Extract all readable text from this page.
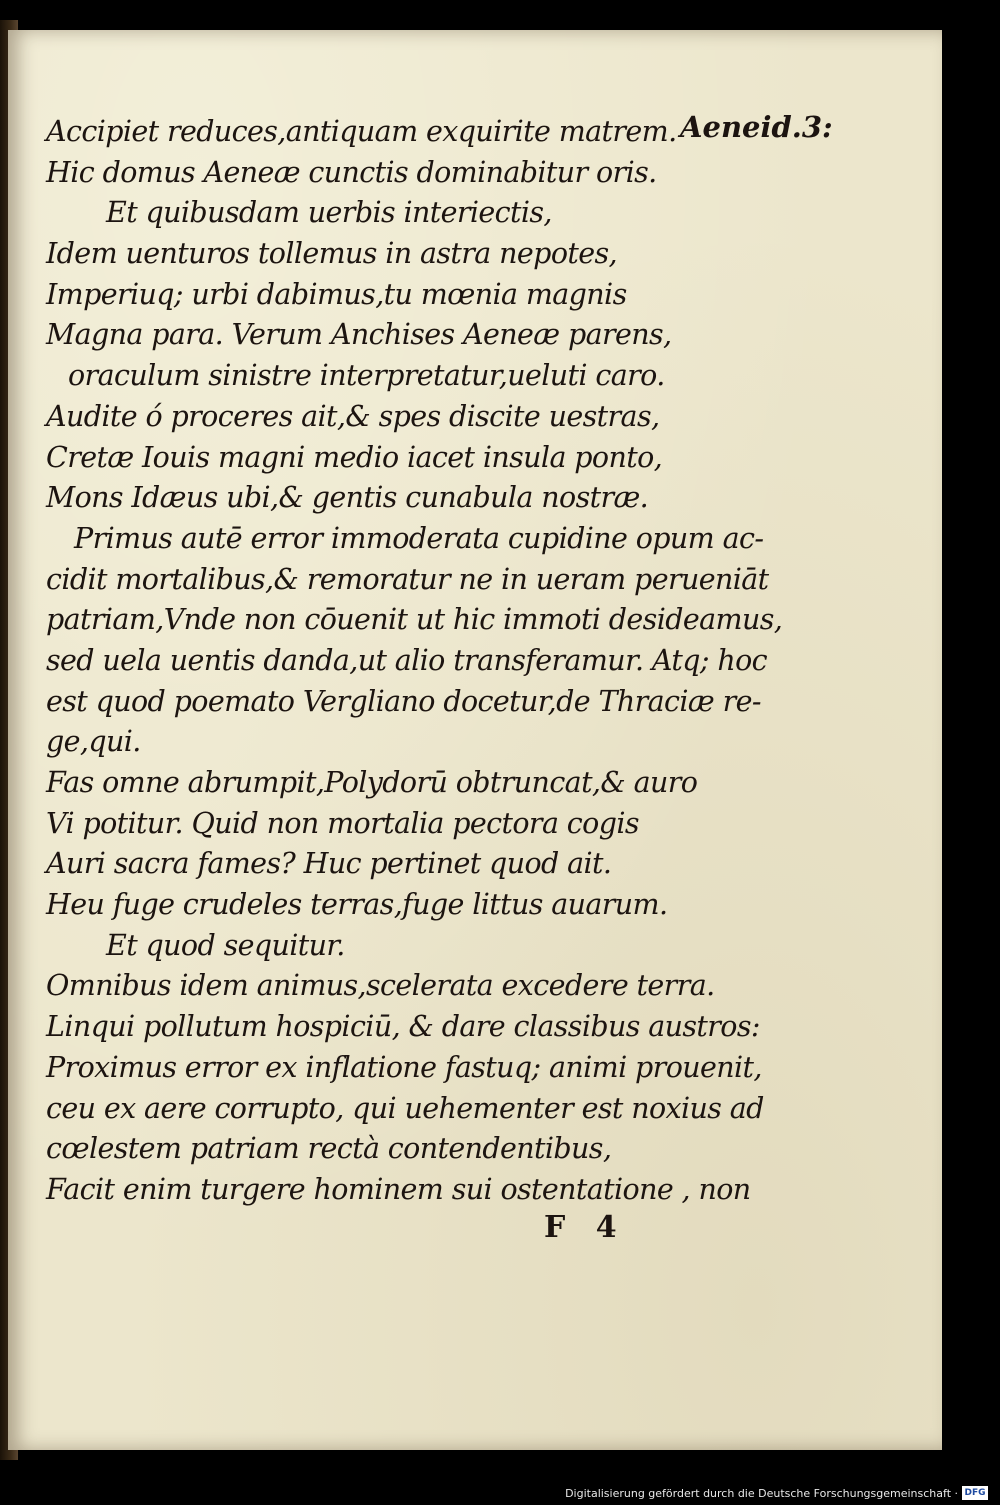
Aeneid.3:
Accipiet reduces,antiquam exquirite matrem.
Hic domus Aeneæ cunctis dominabitur oris.
Et quibusdam uerbis interiectis,
Idem uenturos tollemus in astra nepotes,
Imperiuq; urbi dabimus,tu mœnia magnis
Magna para. Verum Anchises Aeneæ parens,
oraculum sinistre interpretatur,ueluti caro.
Audite ó proceres ait,& spes discite uestras,
Cretæ Iouis magni medio iacet insula ponto,
Mons Idæus ubi,& gentis cunabula nostræ.
Primus autē error immoderata cupidine opum ac-
cidit mortalibus,& remoratur ne in ueram perueniāt
patriam,Vnde non cōuenit ut hic immoti desideamus,
sed uela uentis danda,ut alio transferamur. Atq; hoc
est quod poemato Vergliano docetur,de Thraciæ re-
ge,qui.
Fas omne abrumpit,Polydorū obtruncat,& auro
Vi potitur. Quid non mortalia pectora cogis
Auri sacra fames? Huc pertinet quod ait.
Heu fuge crudeles terras,fuge littus auarum.
Et quod sequitur.
Omnibus idem animus,scelerata excedere terra.
Linqui pollutum hospiciū, & dare classibus austros:
Proximus error ex inflatione fastuq; animi prouenit,
ceu ex aere corrupto, qui uehementer est noxius ad
cœlestem patriam rectà contendentibus,
Facit enim turgere hominem sui ostentatione , non
F 4
Digitalisierung gefördert durch die Deutsche Forschungsgemeinschaft · DFG
